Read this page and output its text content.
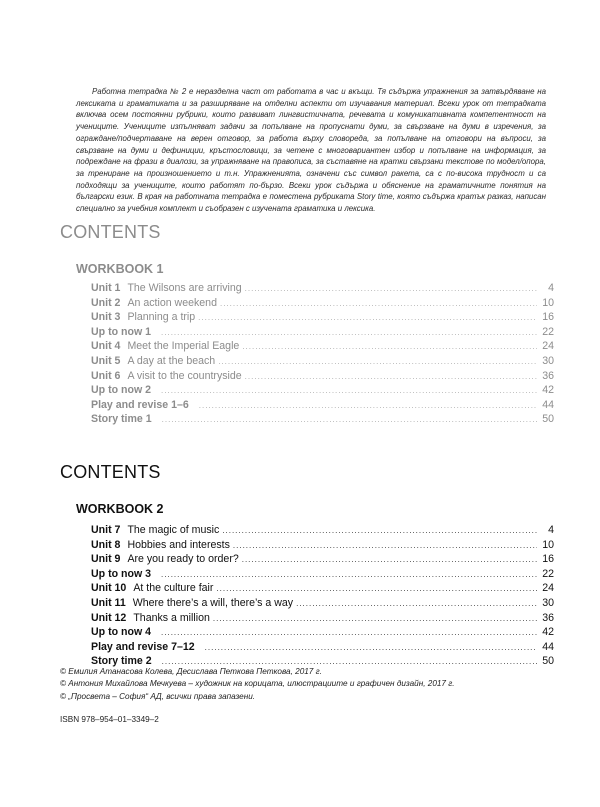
Работна тетрадка № 2 е неразделна част от работата в час и вкъщи. Тя съдържа упражнения за затвърдяване на лексиката и граматиката и за разширяване на отделни аспекти от изучавания материал. Всеки урок от тетрадката включва осем постоянни рубрики, които развиват лингвистичната, речевата и комуникативната компетентност на учениците. Учениците изпълняват задачи за попълване на пропуснати думи, за свързване на думи в изречения, за ограждане/подчертаване на верен отговор, за работа върху словореда, за попълване на отговори на въпроси, за свързване на думи и дефиниции, кръстословици, за четене с многовариантен избор и попълване на информация, за подреждане на фрази в диалози, за упражняване на правописа, за съставяне на кратки свързани текстове по модел/опора, за трениране на произношението и т.н. Упражненията, означени със символ ракета, са с по-висока трудност и са подходящи за учениците, които работят по-бързо. Всеки урок съдържа и обяснение на граматичните понятия на български език. В края на работната тетрадка е поместена рубриката Story time, която съдържа кратък разказ, написан специално за учебния комплект и съобразен с изучената граматика и лексика.

CONTENTS
WORKBOOK 1
Unit 1 The Wilsons are arriving .....	4
Unit 2 An action weekend .....	10
Unit 3 Planning a trip .....	16
Up to now 1 .....	22
Unit 4 Meet the Imperial Eagle .....	24
Unit 5 A day at the beach .....	30
Unit 6 A visit to the countryside .....	36
Up to now 2 .....	42
Play and revise 1–6 .....	44
Story time 1 .....	50
CONTENTS
WORKBOOK 2
Unit 7 The magic of music .....	4
Unit 8 Hobbies and interests .....	10
Unit 9 Are you ready to order? .....	16
Up to now 3 .....	22
Unit 10 At the culture fair .....	24
Unit 11 Where there’s a will, there’s a way .....	30
Unit 12 Thanks a million .....	36
Up to now 4 .....	42
Play and revise 7–12 .....	44
Story time 2 .....	50

© Емилия Атанасова Колева, Десислава Петкова Петкова, 2017 г.

© Антония Михайлова Мечкуева – художник на корицата, илюстрациите и графичен дизайн, 2017 г.

© „Просвета – София“ АД, всички права запазени.

ISBN 978–954–01–3349–2
